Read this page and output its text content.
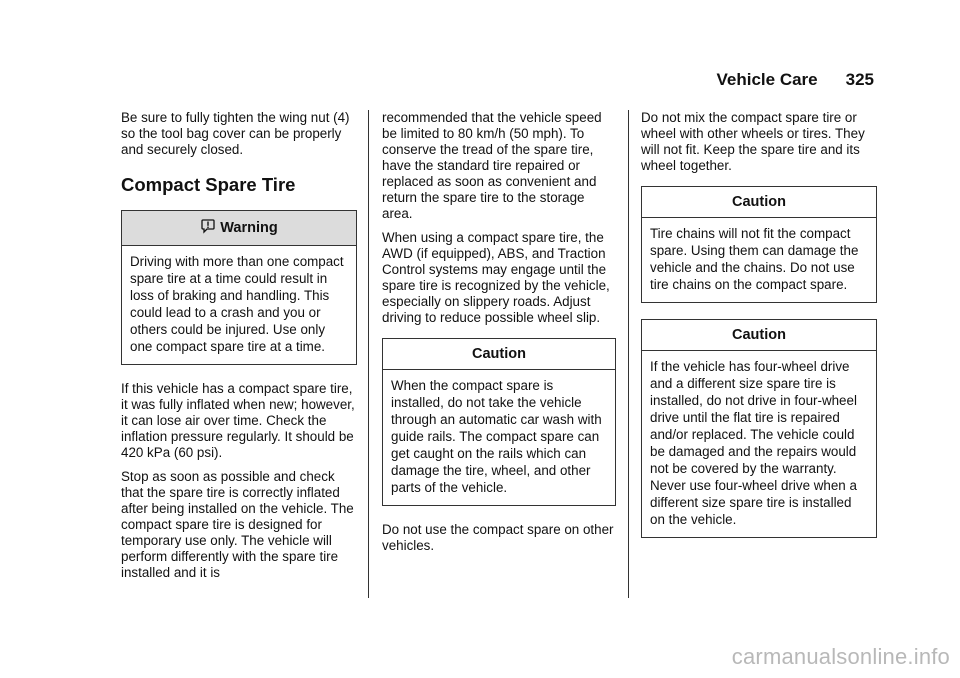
Vehicle Care 325

Be sure to fully tighten the wing nut (4) so the tool bag cover can be properly and securely closed.

Compact Spare Tire
Warning
Driving with more than one compact spare tire at a time could result in loss of braking and handling. This could lead to a crash and you or others could be injured. Use only one compact spare tire at a time.

If this vehicle has a compact spare tire, it was fully inflated when new; however, it can lose air over time. Check the inflation pressure regularly. It should be 420 kPa (60 psi).

Stop as soon as possible and check that the spare tire is correctly inflated after being installed on the vehicle. The compact spare tire is designed for temporary use only. The vehicle will perform differently with the spare tire installed and it is

recommended that the vehicle speed be limited to 80 km/h (50 mph). To conserve the tread of the spare tire, have the standard tire repaired or replaced as soon as convenient and return the spare tire to the storage area.

When using a compact spare tire, the AWD (if equipped), ABS, and Traction Control systems may engage until the spare tire is recognized by the vehicle, especially on slippery roads. Adjust driving to reduce possible wheel slip.

Caution
When the compact spare is installed, do not take the vehicle through an automatic car wash with guide rails. The compact spare can get caught on the rails which can damage the tire, wheel, and other parts of the vehicle.

Do not use the compact spare on other vehicles.

Do not mix the compact spare tire or wheel with other wheels or tires. They will not fit. Keep the spare tire and its wheel together.

Caution
Tire chains will not fit the compact spare. Using them can damage the vehicle and the chains. Do not use tire chains on the compact spare.
Caution
If the vehicle has four-wheel drive and a different size spare tire is installed, do not drive in four-wheel drive until the flat tire is repaired and/or replaced. The vehicle could be damaged and the repairs would not be covered by the warranty. Never use four-wheel drive when a different size spare tire is installed on the vehicle.
carmanualsonline.info
